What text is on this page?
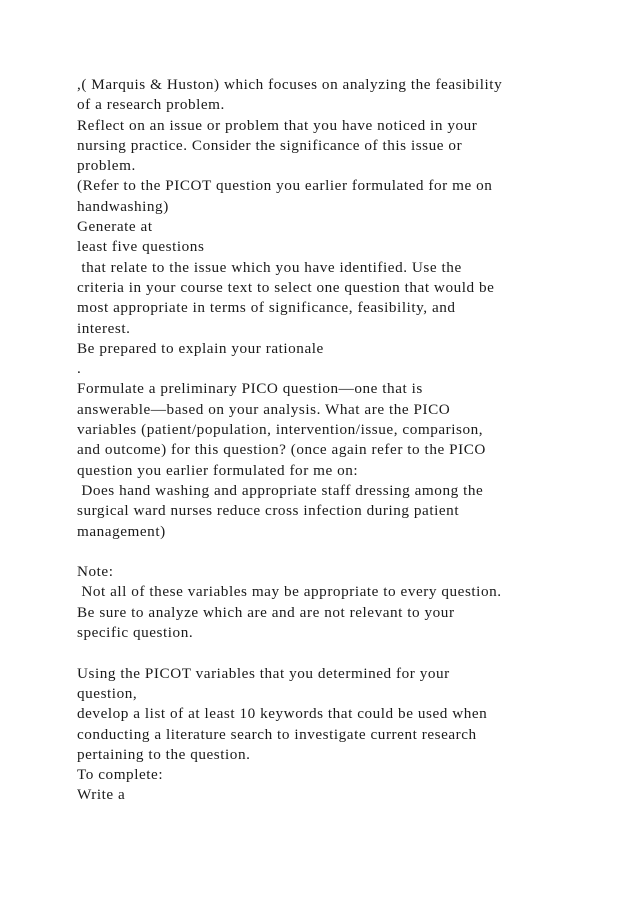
,( Marquis & Huston) which focuses on analyzing the feasibility
of a research problem.
Reflect on an issue or problem that you have noticed in your
nursing practice. Consider the significance of this issue or
problem.
(Refer to the PICOT question you earlier formulated for me on
handwashing)
Generate at
least five questions
that relate to the issue which you have identified. Use the
criteria in your course text to select one question that would be
most appropriate in terms of significance, feasibility, and
interest.
Be prepared to explain your rationale
.
Formulate a preliminary PICO question—one that is
answerable—based on your analysis. What are the PICO
variables (patient/population, intervention/issue, comparison,
and outcome) for this question? (once again refer to the PICO
question you earlier formulated for me on:
Does hand washing and appropriate staff dressing among the
surgical ward nurses reduce cross infection during patient
management)
Note:
Not all of these variables may be appropriate to every question.
Be sure to analyze which are and are not relevant to your
specific question.
Using the PICOT variables that you determined for your
question,
develop a list of at least 10 keywords that could be used when
conducting a literature search to investigate current research
pertaining to the question.
To complete:
Write a
